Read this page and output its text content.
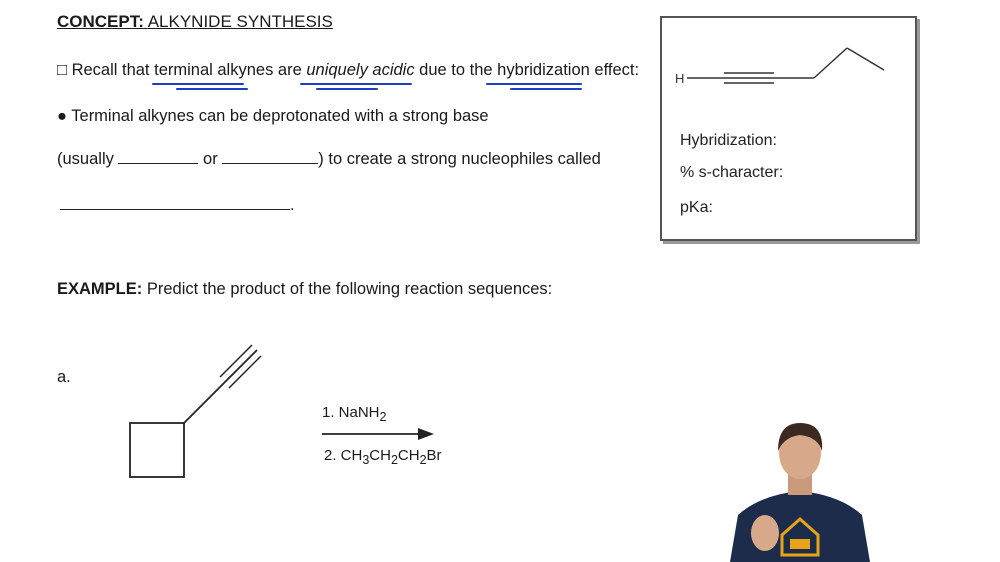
CONCEPT: ALKYNIDE SYNTHESIS
□ Recall that terminal alkynes are uniquely acidic due to the hybridization effect:
● Terminal alkynes can be deprotonated with a strong base
(usually	or	) to create a strong nucleophiles called
.
H
Hybridization:
% s-character:
pKa:
EXAMPLE: Predict the product of the following reaction sequences:
a.
1. NaNH$_2$
2. $CH_3CH_2CH_2Br$
